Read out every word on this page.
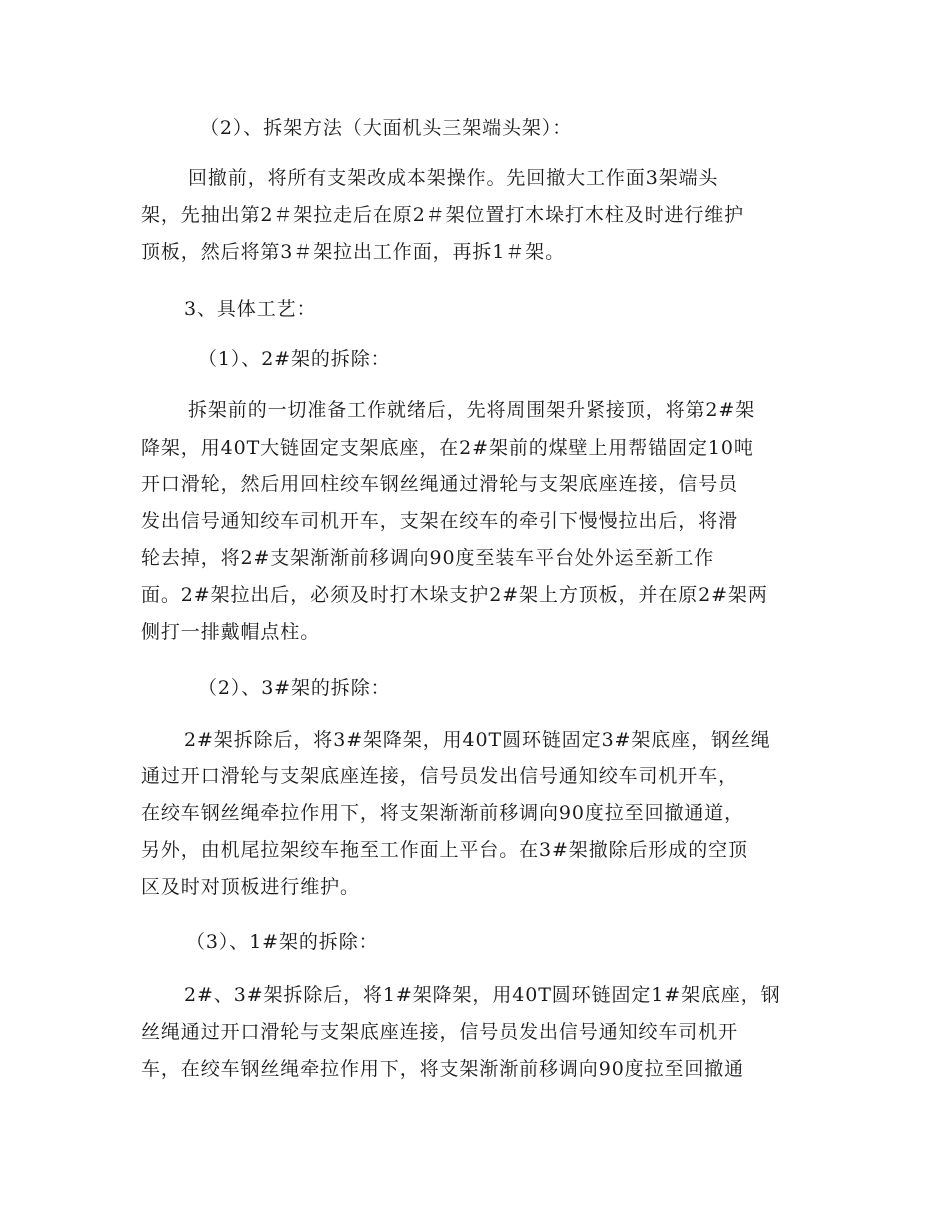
（2）、拆架方法（大面机头三架端头架）：
回撤前，将所有支架改成本架操作。先回撤大工作面3架端头
架，先抽出第2＃架拉走后在原2＃架位置打木垛打木柱及时进行维护
顶板，然后将第3＃架拉出工作面，再拆1＃架。
3、具体工艺：
（1）、2#架的拆除：
拆架前的一切准备工作就绪后，先将周围架升紧接顶，将第2#架
降架，用40T大链固定支架底座，在2#架前的煤壁上用帮锚固定10吨
开口滑轮，然后用回柱绞车钢丝绳通过滑轮与支架底座连接，信号员
发出信号通知绞车司机开车，支架在绞车的牵引下慢慢拉出后，将滑
轮去掉，将2#支架渐渐前移调向90度至装车平台处外运至新工作
面。2#架拉出后，必须及时打木垛支护2#架上方顶板，并在原2#架两
侧打一排戴帽点柱。
（2）、3#架的拆除：
2#架拆除后，将3#架降架，用40T圆环链固定3#架底座，钢丝绳
通过开口滑轮与支架底座连接，信号员发出信号通知绞车司机开车，
在绞车钢丝绳牵拉作用下，将支架渐渐前移调向90度拉至回撤通道，
另外，由机尾拉架绞车拖至工作面上平台。在3#架撤除后形成的空顶
区及时对顶板进行维护。
（3）、1#架的拆除：
2#、3#架拆除后，将1#架降架，用40T圆环链固定1#架底座，钢
丝绳通过开口滑轮与支架底座连接，信号员发出信号通知绞车司机开
车，在绞车钢丝绳牵拉作用下，将支架渐渐前移调向90度拉至回撤通
